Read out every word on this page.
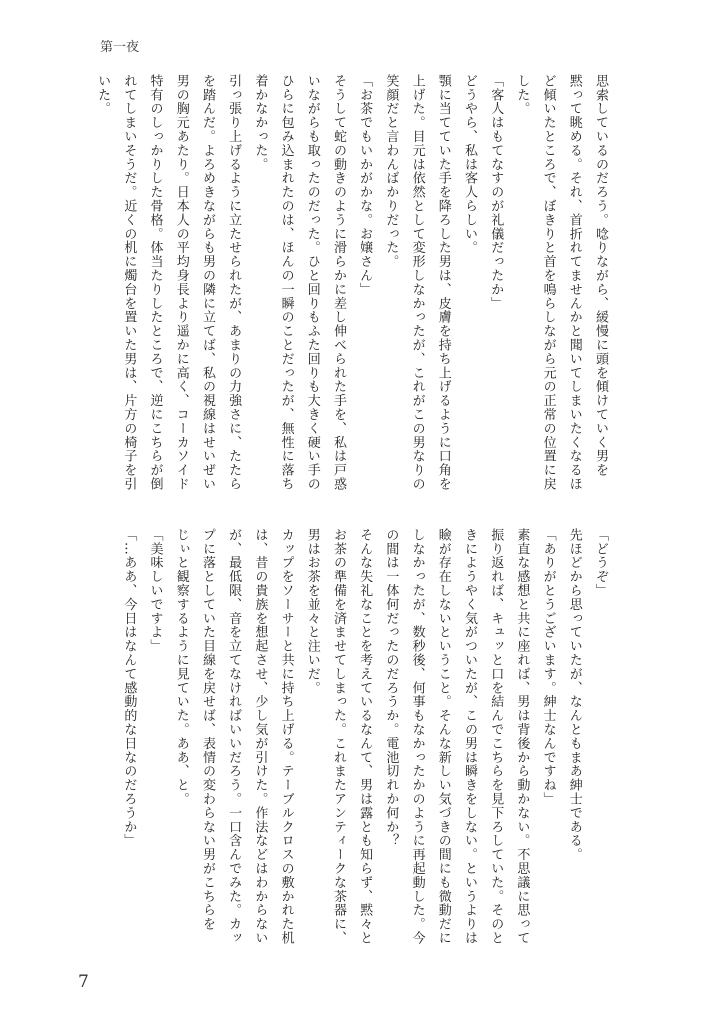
第一夜
思索しているのだろう。唸りながら、緩慢に頭を傾けていく男を
黙って眺める。それ、首折れてませんかと聞いてしまいたくなるほ
ど傾いたところで、ぼきりと首を鳴らしながら元の正常の位置に戻
した。
「客人はもてなすのが礼儀だったか」
どうやら、私は客人らしい。
顎に当てていた手を降ろした男は、皮膚を持ち上げるように口角を
上げた。目元は依然として変形しなかったが、これがこの男なりの
笑顔だと言わんばかりだった。
「お茶でもいかがかな。お嬢さん」
そうして蛇の動きのように滑らかに差し伸べられた手を、私は戸惑
いながらも取ったのだった。ひと回りもふた回りも大きく硬い手の
ひらに包み込まれたのは、ほんの一瞬のことだったが、無性に落ち
着かなかった。
引っ張り上げるように立たせられたが、あまりの力強さに、たたら
を踏んだ。よろめきながらも男の隣に立てば、私の視線はせいぜい
男の胸元あたり。日本人の平均身長より遥かに高く、コーカソイド
特有のしっかりした骨格。体当たりしたところで、逆にこちらが倒
れてしまいそうだ。近くの机に燭台を置いた男は、片方の椅子を引
いた。
「どうぞ」
先ほどから思っていたが、なんともまあ紳士である。
「ありがとうございます。紳士なんですね」
素直な感想と共に座れば、男は背後から動かない。不思議に思って
振り返れば、キュッと口を結んでこちらを見下ろしていた。そのと
きにようやく気がついたが、この男は瞬きをしない。というよりは
瞼が存在しないということ。そんな新しい気づきの間にも微動だに
しなかったが、数秒後、何事もなかったかのように再起動した。今
の間は一体何だったのだろうか。電池切れか何か？
そんな失礼なことを考えているなんて、男は露とも知らず、黙々と
お茶の準備を済ませてしまった。これまたアンティークな茶器に、
男はお茶を並々と注いだ。
カップをソーサーと共に持ち上げる。テーブルクロスの敷かれた机
は、昔の貴族を想起させ、少し気が引けた。作法などはわからない
が、最低限、音を立てなければいいだろう。一口含んでみた。カッ
プに落としていた目線を戻せば、表情の変わらない男がこちらを
じぃと観察するように見ていた。ああ、と。
「美味しいですよ」
「…ああ、今日はなんて感動的な日なのだろうか」
7
